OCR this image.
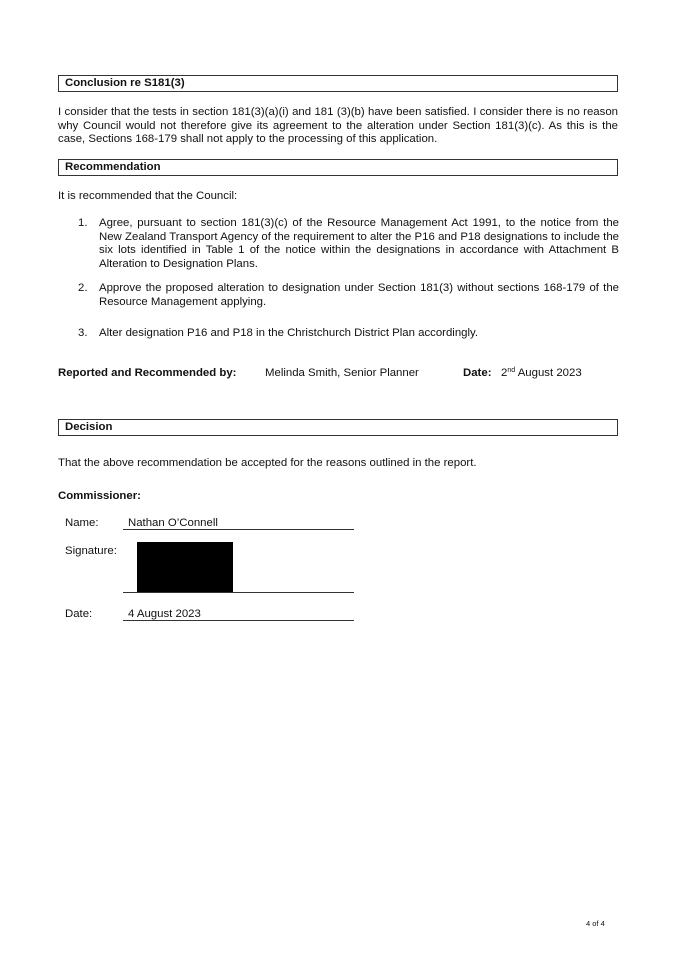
Conclusion re S181(3)

I consider that the tests in section 181(3)(a)(i) and 181 (3)(b) have been satisfied. I consider there is no reason why Council would not therefore give its agreement to the alteration under Section 181(3)(c). As this is the case, Sections 168-179 shall not apply to the processing of this application.

Recommendation

It is recommended that the Council:

1.	Agree, pursuant to section 181(3)(c) of the Resource Management Act 1991, to the notice from the New Zealand Transport Agency of the requirement to alter the P16 and P18 designations to include the six lots identified in Table 1 of the notice within the designations in accordance with Attachment B Alteration to Designation Plans.
2.	Approve the proposed alteration to designation under Section 181(3) without sections 168-179 of the Resource Management applying.
3.	Alter designation P16 and P18 in the Christchurch District Plan accordingly.
Reported and Recommended by:	Melinda Smith, Senior Planner	Date: 2nd August 2023
Decision

That the above recommendation be accepted for the reasons outlined in the report.

Commissioner:
Name:	Nathan O’Connell
Signature:
Date:	4 August 2023
4 of 4
